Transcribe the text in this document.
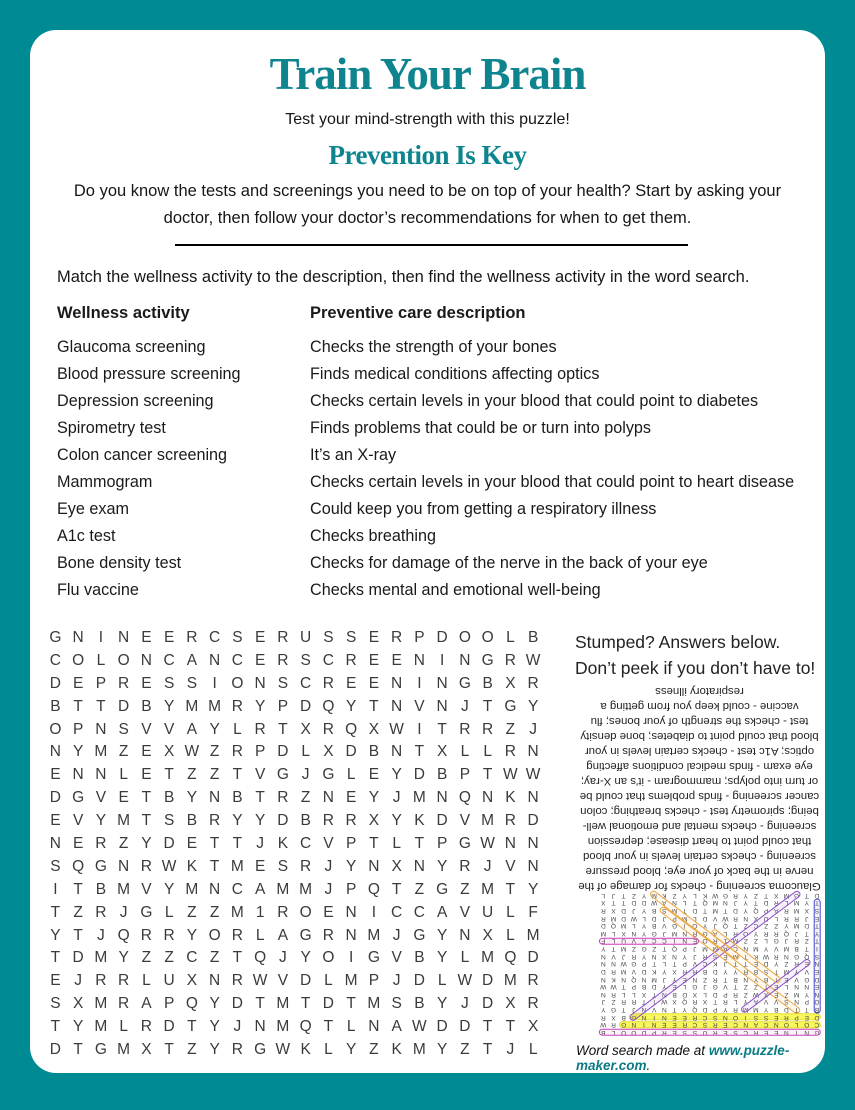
Train Your Brain
Test your mind-strength with this puzzle!
Prevention Is Key

Do you know the tests and screenings you need to be on top of your health? Start by asking your doctor, then follow your doctor’s recommendations for when to get them.

Match the wellness activity to the description, then find the wellness activity in the word search.

Wellness activity	Preventive care description
Glaucoma screening	Checks the strength of your bones
Blood pressure screening	Finds medical conditions affecting optics
Depression screening	Checks certain levels in your blood that could point to diabetes
Spirometry test	Finds problems that could be or turn into polyps
Colon cancer screening	It’s an X-ray
Mammogram	Checks certain levels in your blood that could point to heart disease
Eye exam	Could keep you from getting a respiratory illness
A1c test	Checks breathing
Bone density test	Checks for damage of the nerve in the back of your eye
Flu vaccine	Checks mental and emotional well-being
G N I N E E R C S E R U S S E R P D O O L B
C O L O N C A N C E R S C R E E N I N G R W
D E P R E S S I O N S C R E E N I N G B X R
B T T D B Y M M R Y P D Q Y T N V N J T G Y
O P N S V V A Y L R T X R Q X W I	T R R Z J
N Y M Z E X W Z R P D L X D B N T X L L R N
E N N L E T Z Z T V G J G L E Y D B P T W W
D G V E T B Y N B T R Z N E Y J M N Q N K N
E V Y M T S B R Y Y D B R R X Y K D V M R D
N E R Z Y D E T T J K C V P T L T P G W N N
S Q G N R W K T M E S R J Y N X N Y R J V N
I	T B M V Y M N C A M M J P Q T Z G Z M T Y
T Z R J G L Z Z M 1 R O E N I C C A V U L F
Y T J Q R R Y O R L A G R N M J G Y N X L M
T D M Y Z Z C Z T Q J Y O I G V B Y L M Q D
E J R R L U X N R W V D L M P J D L W D M R
S X M R A P Q Y D T M T D T M S B Y J D X R
T Y M L R D T Y J N M Q T L N A W D D T T X
D T G M X T Z Y R G W K L Y Z K M Y Z T J L
Stumped? Answers below.
Don’t peek if you don’t have to!
Glaucoma screening - checks for damage of the nerve in the back of your eye; blood pressure screening - checks certain levels in your blood that could point to heart disease; depression screening - checks mental and emotional well-being; spirometry test - checks breathing; colon cancer screening - finds problems that could be or turn into polyps; mammogram - it’s an X-ray; eye exam - finds medical conditions affecting optics; A1c test - checks certain levels in your blood that could point to diabetes; bone density test - checks the strength of your bones; flu vaccine - could keep you from getting a respiratory illness
G
N
I
N
E
E
R
C
S
E
R
U
S
S
E
R
P
D
O
O
L
B
C
O
L
O
N
C
A
N
C
E
R
S
C
R
E
E
N
I
N
G
R
W
D
E
P
R
E
S
S
I
O
N
S
C
R
E
E
N
I
N
G
B
X
R
B
T
T
D
B
Y
M
M
R
Y
P
D
Q
Y
T
N
V
N
J
T
G
Y
O
P
N
S
V
V
A
Y
L
R
T
X
R
Q
X
W
I
T
R
R
Z
J
N
Y
M
Z
E
X
W
Z
R
P
D
L
X
D
B
N
T
X
L
L
R
N
E
N
N
L
E
T
Z
Z
T
V
G
J
G
L
E
Y
D
B
P
T
W
W
D
G
V
E
T
B
Y
N
B
T
R
Z
N
E
Y
J
M
N
Q
N
K
N
E
V
Y
M
T
S
B
R
Y
Y
D
B
R
R
X
Y
K
D
V
M
R
D
N
E
R
Z
Y
D
E
T
T
J
K
C
V
P
T
L
T
P
G
W
N
N
S
Q
G
N
R
W
K
T
M
E
S
R
J
Y
N
X
N
Y
R
J
V
N
I
T
B
M
V
Y
M
N
C
A
M
M
J
P
Q
T
Z
G
Z
M
T
Y
T
Z
R
J
G
L
Z
Z
M
1
R
O
E
N
I
C
C
A
V
U
L
F
Y
T
J
Q
R
R
Y
O
R
L
A
G
R
N
M
J
G
Y
N
X
L
M
T
D
M
Y
Z
Z
C
Z
T
Q
J
Y
O
I
G
V
B
Y
L
M
Q
D
E
J
R
R
L
U
X
N
R
W
V
D
L
M
P
J
D
L
W
D
M
R
S
X
M
R
A
P
Q
Y
D
T
M
T
D
T
M
S
B
Y
J
D
X
R
T
Y
M
L
R
D
T
Y
J
N
M
Q
T
L
N
A
W
D
D
T
T
X
D
T
G
M
X
T
Z
Y
R
G
W
K
L
Y
Z
K
M
Y
Z
T
J
L
Word search made at www.puzzle-maker.com.
